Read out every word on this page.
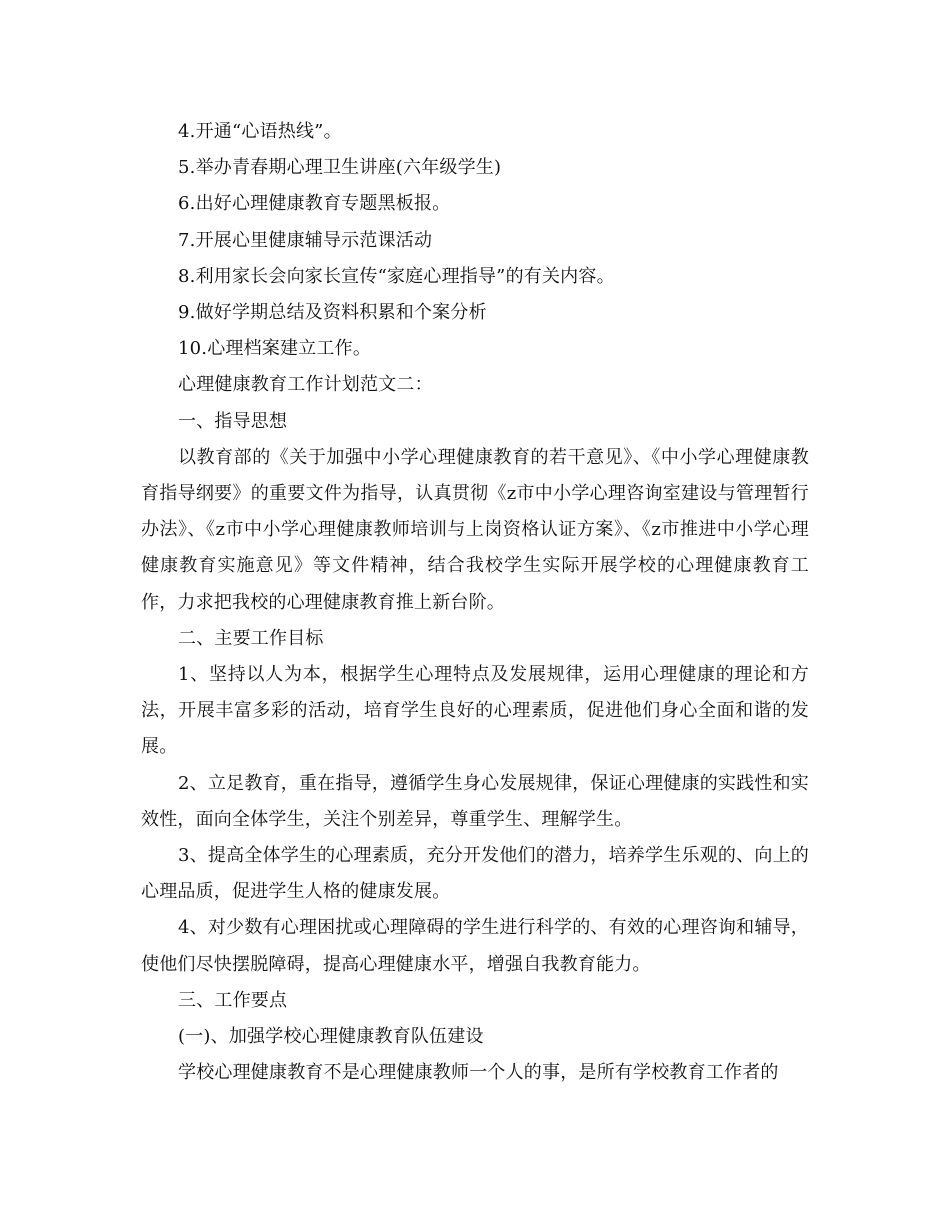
4.开通“心语热线”。

5.举办青春期心理卫生讲座(六年级学生)

6.出好心理健康教育专题黑板报。

7.开展心里健康辅导示范课活动

8.利用家长会向家长宣传“家庭心理指导”的有关内容。

9.做好学期总结及资料积累和个案分析

10.心理档案建立工作。

心理健康教育工作计划范文二：

一、指导思想

以教育部的《关于加强中小学心理健康教育的若干意见》、《中小学心理健康教育指导纲要》的重要文件为指导，认真贯彻《z市中小学心理咨询室建设与管理暂行办法》、《z市中小学心理健康教师培训与上岗资格认证方案》、《z市推进中小学心理健康教育实施意见》等文件精神，结合我校学生实际开展学校的心理健康教育工作，力求把我校的心理健康教育推上新台阶。

二、主要工作目标

1、坚持以人为本，根据学生心理特点及发展规律，运用心理健康的理论和方法，开展丰富多彩的活动，培育学生良好的心理素质，促进他们身心全面和谐的发展。

2、立足教育，重在指导，遵循学生身心发展规律，保证心理健康的实践性和实效性，面向全体学生，关注个别差异，尊重学生、理解学生。

3、提高全体学生的心理素质，充分开发他们的潜力，培养学生乐观的、向上的心理品质，促进学生人格的健康发展。

4、对少数有心理困扰或心理障碍的学生进行科学的、有效的心理咨询和辅导，使他们尽快摆脱障碍，提高心理健康水平，增强自我教育能力。

三、工作要点

(一)、加强学校心理健康教育队伍建设

学校心理健康教育不是心理健康教师一个人的事，是所有学校教育工作者的
